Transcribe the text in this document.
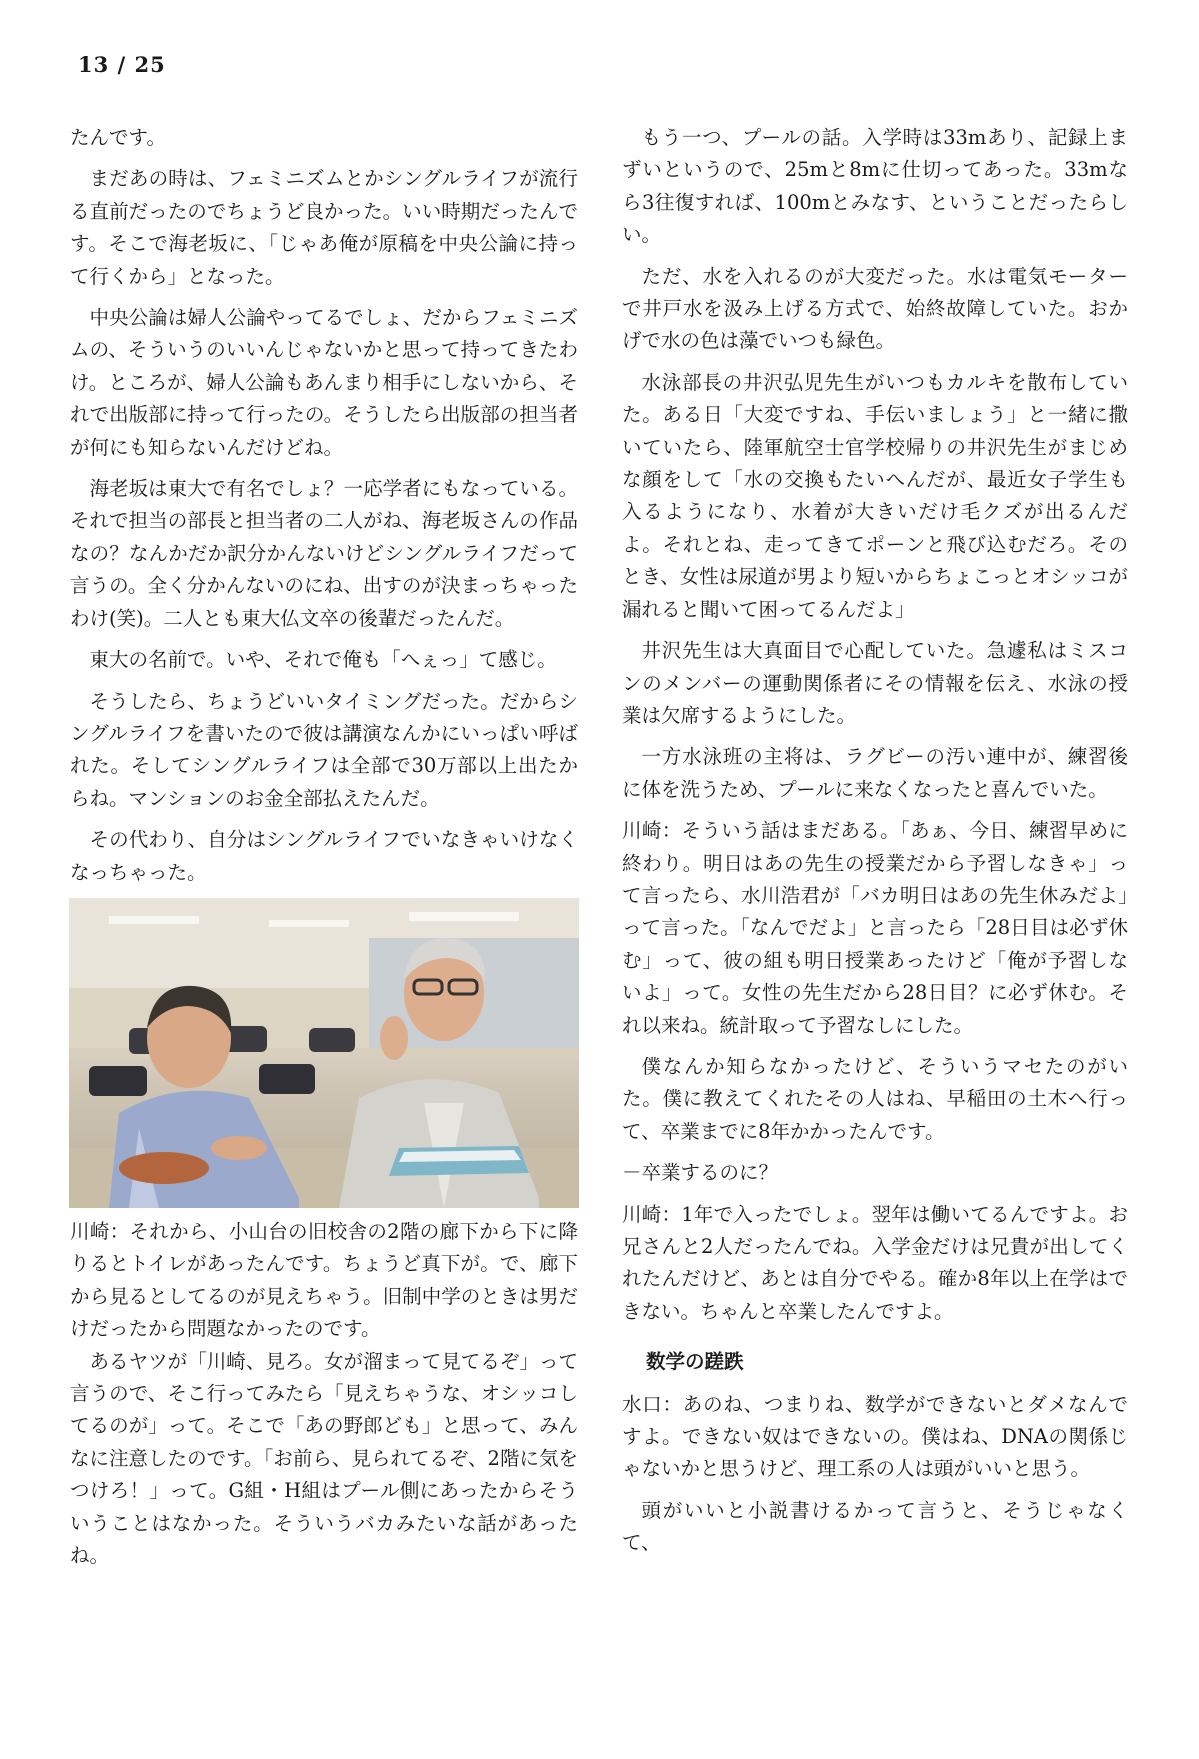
13 / 25

たんです。

まだあの時は、フェミニズムとかシングルライフが流行る直前だったのでちょうど良かった。いい時期だったんです。そこで海老坂に、「じゃあ俺が原稿を中央公論に持って行くから」となった。

中央公論は婦人公論やってるでしょ、だからフェミニズムの、そういうのいいんじゃないかと思って持ってきたわけ。ところが、婦人公論もあんまり相手にしないから、それで出版部に持って行ったの。そうしたら出版部の担当者が何にも知らないんだけどね。

海老坂は東大で有名でしょ？一応学者にもなっている。それで担当の部長と担当者の二人がね、海老坂さんの作品なの？なんかだか訳分かんないけどシングルライフだって言うの。全く分かんないのにね、出すのが決まっちゃったわけ(笑)。二人とも東大仏文卒の後輩だったんだ。

東大の名前で。いや、それで俺も「へぇっ」て感じ。

そうしたら、ちょうどいいタイミングだった。だからシングルライフを書いたので彼は講演なんかにいっぱい呼ばれた。そしてシングルライフは全部で30万部以上出たからね。マンションのお金全部払えたんだ。

その代わり、自分はシングルライフでいなきゃいけなくなっちゃった。

川崎：それから、小山台の旧校舎の2階の廊下から下に降りるとトイレがあったんです。ちょうど真下が。で、廊下から見るとしてるのが見えちゃう。旧制中学のときは男だけだったから問題なかったのです。

あるヤツが「川崎、見ろ。女が溜まって見てるぞ」って言うので、そこ行ってみたら「見えちゃうな、オシッコしてるのが」って。そこで「あの野郎ども」と思って、みんなに注意したのです。「お前ら、見られてるぞ、2階に気をつけろ！」って。G組・H組はプール側にあったからそういうことはなかった。そういうバカみたいな話があったね。

もう一つ、プールの話。入学時は33mあり、記録上まずいというので、25mと8mに仕切ってあった。33mなら3往復すれば、100mとみなす、ということだったらしい。

ただ、水を入れるのが大変だった。水は電気モーターで井戸水を汲み上げる方式で、始終故障していた。おかげで水の色は藻でいつも緑色。

水泳部長の井沢弘児先生がいつもカルキを散布していた。ある日「大変ですね、手伝いましょう」と一緒に撒いていたら、陸軍航空士官学校帰りの井沢先生がまじめな顔をして「水の交換もたいへんだが、最近女子学生も入るようになり、水着が大きいだけ毛クズが出るんだよ。それとね、走ってきてポーンと飛び込むだろ。そのとき、女性は尿道が男より短いからちょこっとオシッコが漏れると聞いて困ってるんだよ」

井沢先生は大真面目で心配していた。急遽私はミスコンのメンバーの運動関係者にその情報を伝え、水泳の授業は欠席するようにした。

一方水泳班の主将は、ラグビーの汚い連中が、練習後に体を洗うため、プールに来なくなったと喜んでいた。

川崎：そういう話はまだある。「あぁ、今日、練習早めに終わり。明日はあの先生の授業だから予習しなきゃ」って言ったら、水川浩君が「バカ明日はあの先生休みだよ」って言った。「なんでだよ」と言ったら「28日目は必ず休む」って、彼の組も明日授業あったけど「俺が予習しないよ」って。女性の先生だから28日目？に必ず休む。それ以来ね。統計取って予習なしにした。

僕なんか知らなかったけど、そういうマセたのがいた。僕に教えてくれたその人はね、早稲田の土木へ行って、卒業までに8年かかったんです。

－卒業するのに？

川崎：1年で入ったでしょ。翌年は働いてるんですよ。お兄さんと2人だったんでね。入学金だけは兄貴が出してくれたんだけど、あとは自分でやる。確か8年以上在学はできない。ちゃんと卒業したんですよ。

数学の蹉跌

水口：あのね、つまりね、数学ができないとダメなんですよ。できない奴はできないの。僕はね、DNAの関係じゃないかと思うけど、理工系の人は頭がいいと思う。

頭がいいと小説書けるかって言うと、そうじゃなくて、
